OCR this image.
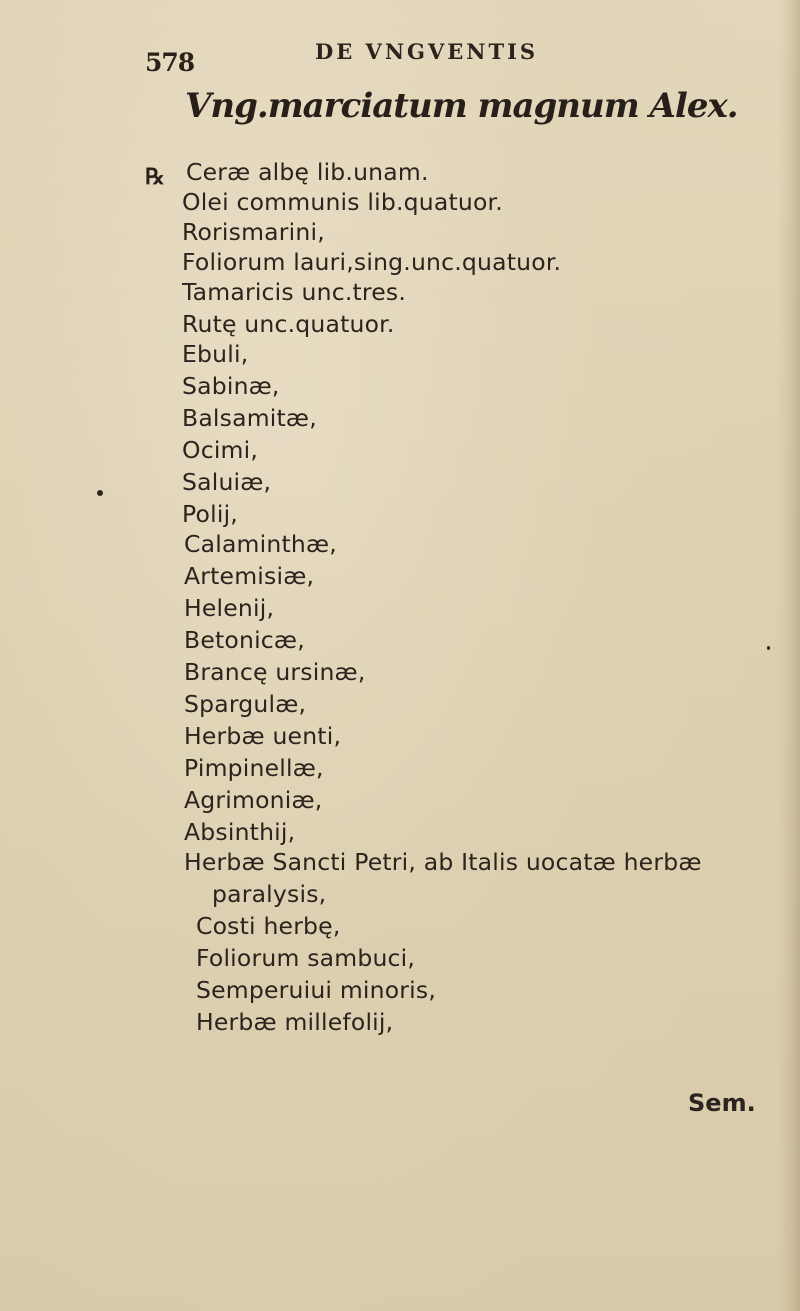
578	DE VNGVENTIS
Vng.marciatum magnum Alex.
℞ Ceræ albę lib.unam.
Olei communis lib.quatuor.
Rorismarini,
Foliorum lauri,sing.unc.quatuor.
Tamaricis unc.tres.
Rutę unc.quatuor.
Ebuli,
Sabinæ,
Balsamitæ,
Ocimi,
Saluiæ,
Polij,
Calaminthæ,
Artemisiæ,
Helenij,
Betonicæ,
Brancę ursinæ,
Spargulæ,
Herbæ uenti,
Pimpinellæ,
Agrimoniæ,
Absinthij,
Herbæ Sancti Petri, ab Italis uocatæ herbæ
paralysis,
Costi herbę,
Foliorum sambuci,
Semperuiui minoris,
Herbæ millefolij,
Sem.
